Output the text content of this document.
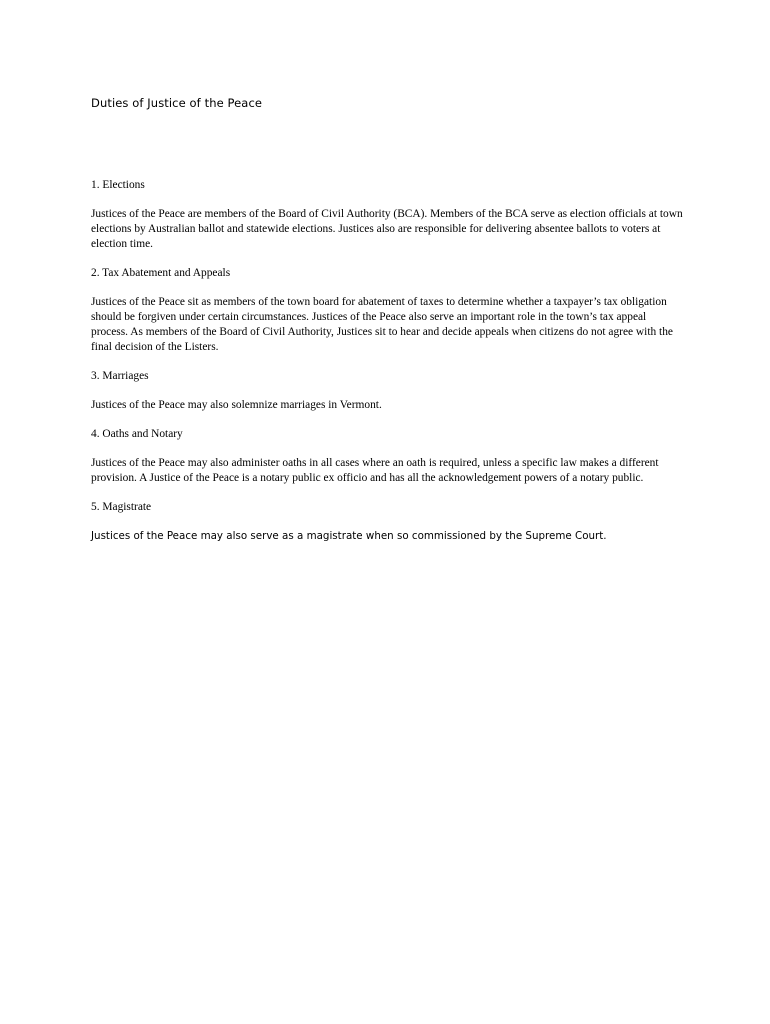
Duties of Justice of the Peace

1. Elections

Justices of the Peace are members of the Board of Civil Authority (BCA). Members of the BCA serve as election officials at town elections by Australian ballot and statewide elections. Justices also are responsible for delivering absentee ballots to voters at election time.

2. Tax Abatement and Appeals

Justices of the Peace sit as members of the town board for abatement of taxes to determine whether a taxpayer’s tax obligation should be forgiven under certain circumstances. Justices of the Peace also serve an important role in the town’s tax appeal process. As members of the Board of Civil Authority, Justices sit to hear and decide appeals when citizens do not agree with the final decision of the Listers.

3. Marriages

Justices of the Peace may also solemnize marriages in Vermont.

4. Oaths and Notary

Justices of the Peace may also administer oaths in all cases where an oath is required, unless a specific law makes a different provision. A Justice of the Peace is a notary public ex officio and has all the acknowledgement powers of a notary public.

5. Magistrate

Justices of the Peace may also serve as a magistrate when so commissioned by the Supreme Court.
